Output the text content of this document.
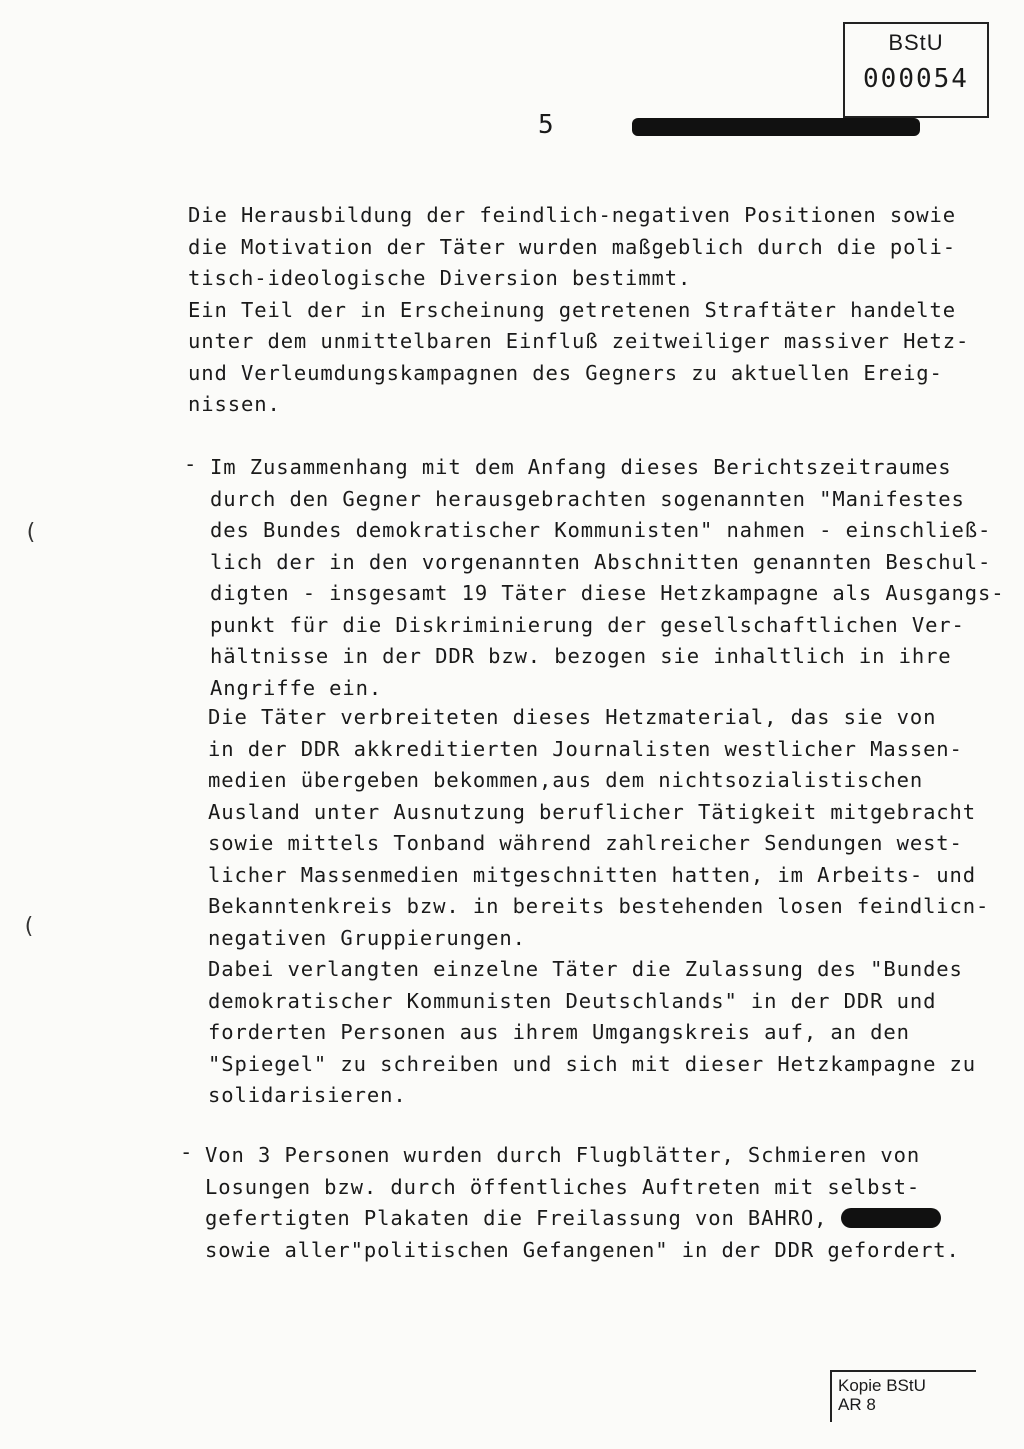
BStU
000054
5
Die Herausbildung der feindlich-negativen Positionen sowie
die Motivation der Täter wurden maßgeblich durch die poli-
tisch-ideologische Diversion bestimmt.
Ein Teil der in Erscheinung getretenen Straftäter handelte
unter dem unmittelbaren Einfluß zeitweiliger massiver Hetz-
und Verleumdungskampagnen des Gegners zu aktuellen Ereig-
nissen.
(
(
- Im Zusammenhang mit dem Anfang dieses Berichtszeitraumes
durch den Gegner herausgebrachten sogenannten "Manifestes
des Bundes demokratischer Kommunisten" nahmen - einschließ-
lich der in den vorgenannten Abschnitten genannten Beschul-
digten - insgesamt 19 Täter diese Hetzkampagne als Ausgangs-
punkt für die Diskriminierung der gesellschaftlichen Ver-
hältnisse in der DDR bzw. bezogen sie inhaltlich in ihre
Angriffe ein.
Die Täter verbreiteten dieses Hetzmaterial, das sie von
in der DDR akkreditierten Journalisten westlicher Massen-
medien übergeben bekommen,aus dem nichtsozialistischen
Ausland unter Ausnutzung beruflicher Tätigkeit mitgebracht
sowie mittels Tonband während zahlreicher Sendungen west-
licher Massenmedien mitgeschnitten hatten, im Arbeits- und
Bekanntenkreis bzw. in bereits bestehenden losen feindlicn-
negativen Gruppierungen.
Dabei verlangten einzelne Täter die Zulassung des "Bundes
demokratischer Kommunisten Deutschlands" in der DDR und
forderten Personen aus ihrem Umgangskreis auf, an den
"Spiegel" zu schreiben und sich mit dieser Hetzkampagne zu
solidarisieren.
- Von 3 Personen wurden durch Flugblätter, Schmieren von
Losungen bzw. durch öffentliches Auftreten mit selbst-
gefertigten Plakaten die Freilassung von BAHRO,
sowie aller"politischen Gefangenen" in der DDR gefordert.
Kopie BStU
AR 8
